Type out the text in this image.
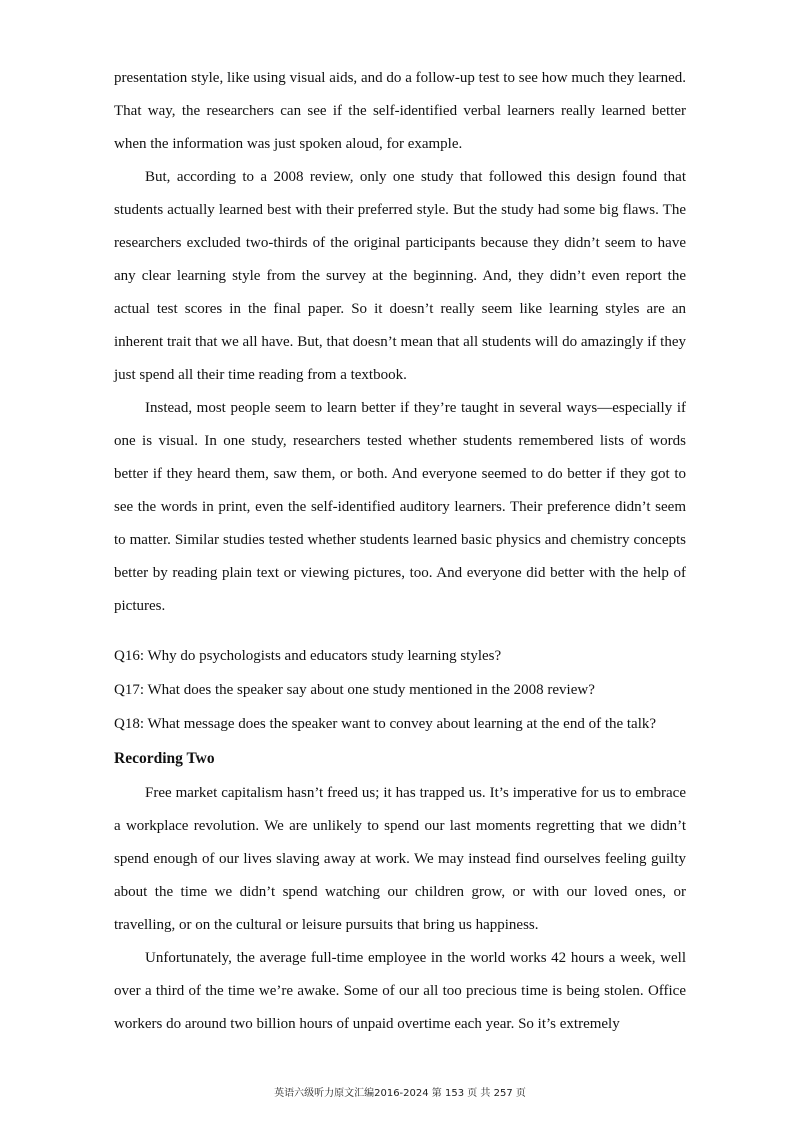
presentation style, like using visual aids, and do a follow-up test to see how much they learned. That way, the researchers can see if the self-identified verbal learners really learned better when the information was just spoken aloud, for example.

But, according to a 2008 review, only one study that followed this design found that students actually learned best with their preferred style. But the study had some big flaws. The researchers excluded two-thirds of the original participants because they didn’t seem to have any clear learning style from the survey at the beginning. And, they didn’t even report the actual test scores in the final paper. So it doesn’t really seem like learning styles are an inherent trait that we all have. But, that doesn’t mean that all students will do amazingly if they just spend all their time reading from a textbook.

Instead, most people seem to learn better if they’re taught in several ways—especially if one is visual. In one study, researchers tested whether students remembered lists of words better if they heard them, saw them, or both. And everyone seemed to do better if they got to see the words in print, even the self-identified auditory learners. Their preference didn’t seem to matter. Similar studies tested whether students learned basic physics and chemistry concepts better by reading plain text or viewing pictures, too. And everyone did better with the help of pictures.

Q16: Why do psychologists and educators study learning styles?

Q17: What does the speaker say about one study mentioned in the 2008 review?

Q18: What message does the speaker want to convey about learning at the end of the talk?

Recording Two

Free market capitalism hasn’t freed us; it has trapped us. It’s imperative for us to embrace a workplace revolution. We are unlikely to spend our last moments regretting that we didn’t spend enough of our lives slaving away at work. We may instead find ourselves feeling guilty about the time we didn’t spend watching our children grow, or with our loved ones, or travelling, or on the cultural or leisure pursuits that bring us happiness.

Unfortunately, the average full-time employee in the world works 42 hours a week, well over a third of the time we’re awake. Some of our all too precious time is being stolen. Office workers do around two billion hours of unpaid overtime each year. So it’s extremely

英语六级听力原文汇编2016-2024 第 153 页 共 257 页
